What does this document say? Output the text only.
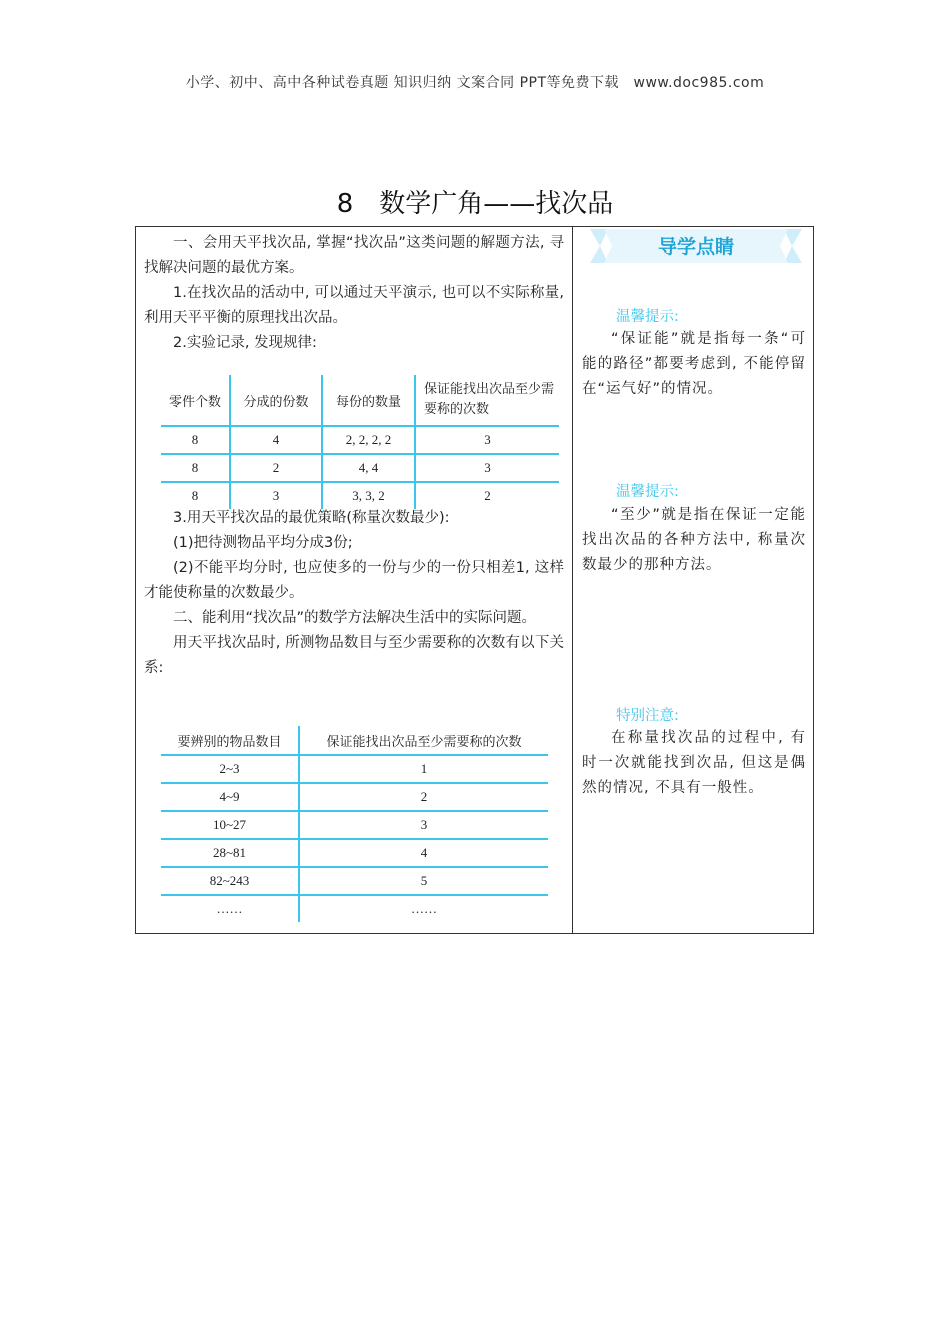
小学、初中、高中各种试卷真题 知识归纳 文案合同 PPT等免费下载　www.doc985.com
8　数学广角——找次品

一、会用天平找次品, 掌握“找次品”这类问题的解题方法, 寻找解决问题的最优方案。

1.在找次品的活动中, 可以通过天平演示, 也可以不实际称量, 利用天平平衡的原理找出次品。

2.实验记录, 发现规律:

零件个数	分成的份数	每份的数量	保证能找出次品至少需要称的次数
8	4	2, 2, 2, 2	3
8	2	4, 4	3
8	3	3, 3, 2	2

3.用天平找次品的最优策略(称量次数最少):

(1)把待测物品平均分成3份;

(2)不能平均分时, 也应使多的一份与少的一份只相差1, 这样才能使称量的次数最少。

二、能利用“找次品”的数学方法解决生活中的实际问题。

用天平找次品时, 所测物品数目与至少需要称的次数有以下关系:

要辨别的物品数目	保证能找出次品至少需要称的次数
2~3	1
4~9	2
10~27	3
28~81	4
82~243	5
……	……
导学点睛
温馨提示:
“保证能”就是指每一条“可能的路径”都要考虑到, 不能停留在“运气好”的情况。
温馨提示:
“至少”就是指在保证一定能找出次品的各种方法中, 称量次数最少的那种方法。
特别注意:
在称量找次品的过程中, 有时一次就能找到次品, 但这是偶然的情况, 不具有一般性。
